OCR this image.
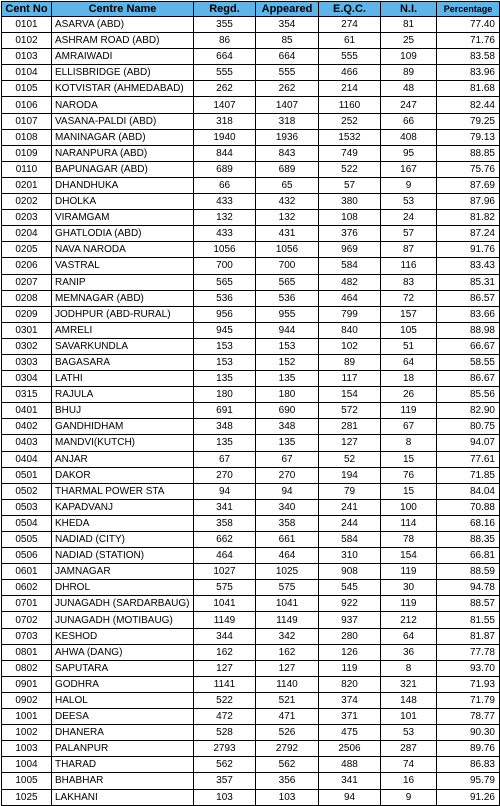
Cent No	Centre Name	Regd.	Appeared	E.Q.C.	N.I.	Percentage
0101	ASARVA (ABD)	355	354	274	81	77.40
0102	ASHRAM ROAD (ABD)	86	85	61	25	71.76
0103	AMRAIWADI	664	664	555	109	83.58
0104	ELLISBRIDGE (ABD)	555	555	466	89	83.96
0105	KOTVISTAR (AHMEDABAD)	262	262	214	48	81.68
0106	NARODA	1407	1407	1160	247	82.44
0107	VASANA-PALDI (ABD)	318	318	252	66	79.25
0108	MANINAGAR (ABD)	1940	1936	1532	408	79.13
0109	NARANPURA (ABD)	844	843	749	95	88.85
0110	BAPUNAGAR (ABD)	689	689	522	167	75.76
0201	DHANDHUKA	66	65	57	9	87.69
0202	DHOLKA	433	432	380	53	87.96
0203	VIRAMGAM	132	132	108	24	81.82
0204	GHATLODIA (ABD)	433	431	376	57	87.24
0205	NAVA NARODA	1056	1056	969	87	91.76
0206	VASTRAL	700	700	584	116	83.43
0207	RANIP	565	565	482	83	85.31
0208	MEMNAGAR (ABD)	536	536	464	72	86.57
0209	JODHPUR (ABD-RURAL)	956	955	799	157	83.66
0301	AMRELI	945	944	840	105	88.98
0302	SAVARKUNDLA	153	153	102	51	66.67
0303	BAGASARA	153	152	89	64	58.55
0304	LATHI	135	135	117	18	86.67
0315	RAJULA	180	180	154	26	85.56
0401	BHUJ	691	690	572	119	82.90
0402	GANDHIDHAM	348	348	281	67	80.75
0403	MANDVI(KUTCH)	135	135	127	8	94.07
0404	ANJAR	67	67	52	15	77.61
0501	DAKOR	270	270	194	76	71.85
0502	THARMAL POWER STA	94	94	79	15	84.04
0503	KAPADVANJ	341	340	241	100	70.88
0504	KHEDA	358	358	244	114	68.16
0505	NADIAD (CITY)	662	661	584	78	88.35
0506	NADIAD (STATION)	464	464	310	154	66.81
0601	JAMNAGAR	1027	1025	908	119	88.59
0602	DHROL	575	575	545	30	94.78
0701	JUNAGADH (SARDARBAUG)	1041	1041	922	119	88.57
0702	JUNAGADH (MOTIBAUG)	1149	1149	937	212	81.55
0703	KESHOD	344	342	280	64	81.87
0801	AHWA (DANG)	162	162	126	36	77.78
0802	SAPUTARA	127	127	119	8	93.70
0901	GODHRA	1141	1140	820	321	71.93
0902	HALOL	522	521	374	148	71.79
1001	DEESA	472	471	371	101	78.77
1002	DHANERA	528	526	475	53	90.30
1003	PALANPUR	2793	2792	2506	287	89.76
1004	THARAD	562	562	488	74	86.83
1005	BHABHAR	357	356	341	16	95.79
1025	LAKHANI	103	103	94	9	91.26
